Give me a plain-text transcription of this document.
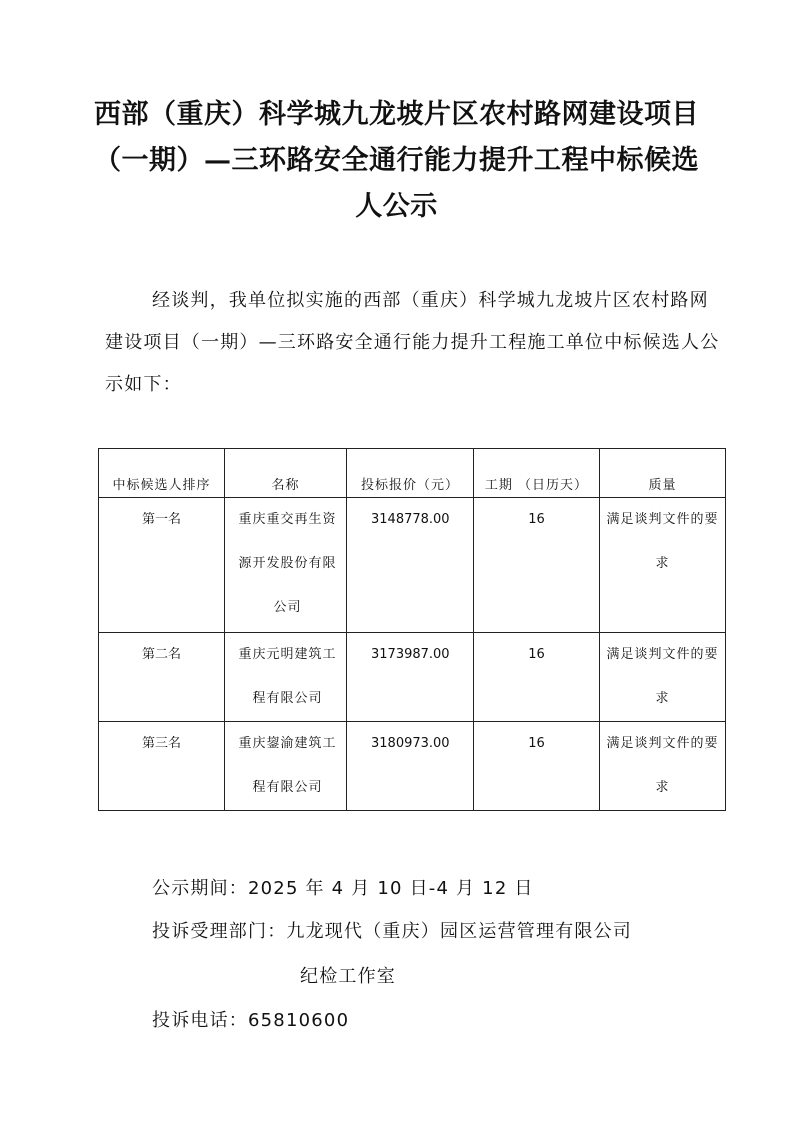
西部（重庆）科学城九龙坡片区农村路网建设项目
（一期）—三环路安全通行能力提升工程中标候选
人公示

经谈判，我单位拟实施的西部（重庆）科学城九龙坡片区农村路网建设项目（一期）—三环路安全通行能力提升工程施工单位中标候选人公示如下：

中标候选人排序	名称	投标报价（元）	工期 （日历天）	质量
第一名	重庆重交再生资源开发股份有限公司	3148778.00	16	满足谈判文件的要求
第二名	重庆元明建筑工程有限公司	3173987.00	16	满足谈判文件的要求
第三名	重庆鋆渝建筑工程有限公司	3180973.00	16	满足谈判文件的要求

公示期间：2025 年 4 月 10 日-4 月 12 日

投诉受理部门：九龙现代（重庆）园区运营管理有限公司

纪检工作室

投诉电话：65810600
